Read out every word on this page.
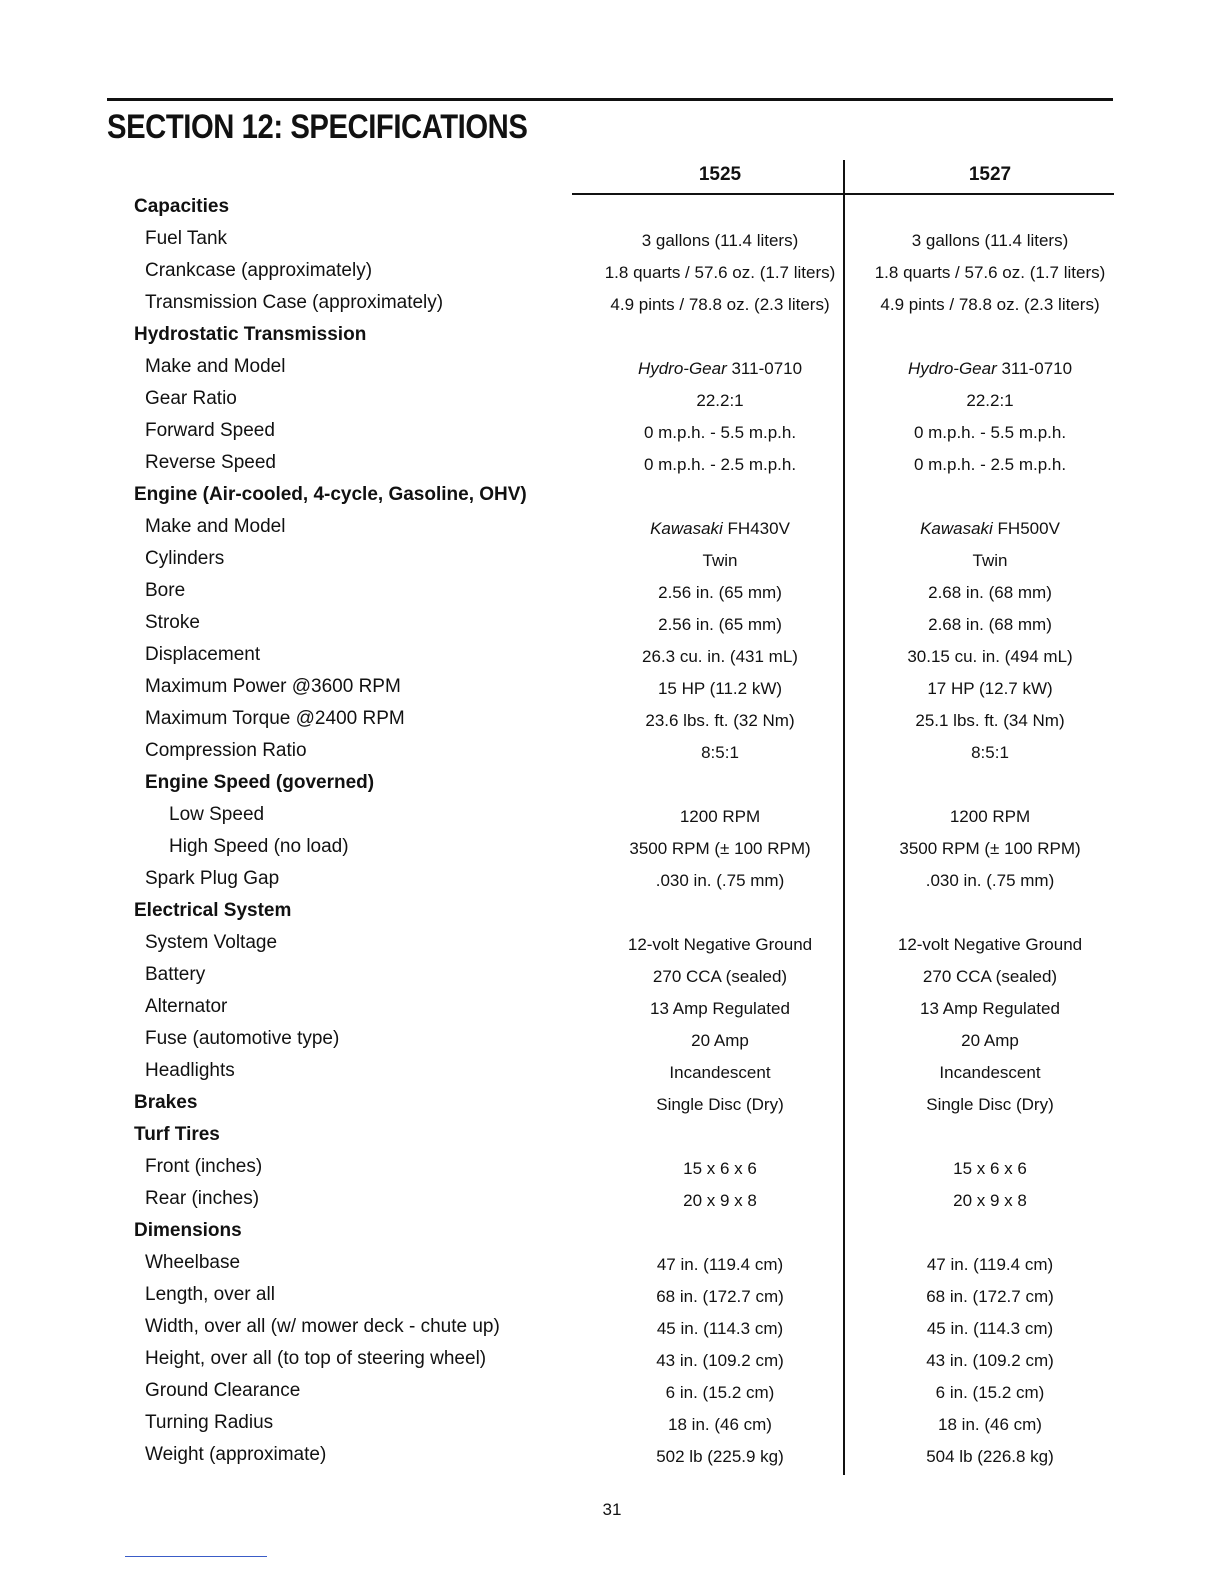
SECTION 12: SPECIFICATIONS
1525	1527
Capacities
Fuel Tank	3 gallons (11.4 liters)	3 gallons (11.4 liters)
Crankcase (approximately)	1.8 quarts / 57.6 oz. (1.7 liters)	1.8 quarts / 57.6 oz. (1.7 liters)
Transmission Case (approximately)	4.9 pints / 78.8 oz. (2.3 liters)	4.9 pints / 78.8 oz. (2.3 liters)
Hydrostatic Transmission
Make and Model	Hydro-Gear 311-0710	Hydro-Gear 311-0710
Gear Ratio	22.2:1	22.2:1
Forward Speed	0 m.p.h. - 5.5 m.p.h.	0 m.p.h. - 5.5 m.p.h.
Reverse Speed	0 m.p.h. - 2.5 m.p.h.	0 m.p.h. - 2.5 m.p.h.
Engine (Air-cooled, 4-cycle, Gasoline, OHV)
Make and Model	Kawasaki FH430V	Kawasaki FH500V
Cylinders	Twin	Twin
Bore	2.56 in. (65 mm)	2.68 in. (68 mm)
Stroke	2.56 in. (65 mm)	2.68 in. (68 mm)
Displacement	26.3 cu. in. (431 mL)	30.15 cu. in. (494 mL)
Maximum Power @3600 RPM	15 HP (11.2 kW)	17 HP (12.7 kW)
Maximum Torque @2400 RPM	23.6 lbs. ft. (32 Nm)	25.1 lbs. ft. (34 Nm)
Compression Ratio	8:5:1	8:5:1
Engine Speed (governed)
Low Speed	1200 RPM	1200 RPM
High Speed (no load)	3500 RPM (± 100 RPM)	3500 RPM (± 100 RPM)
Spark Plug Gap	.030 in. (.75 mm)	.030 in. (.75 mm)
Electrical System
System Voltage	12-volt Negative Ground	12-volt Negative Ground
Battery	270 CCA (sealed)	270 CCA (sealed)
Alternator	13 Amp Regulated	13 Amp Regulated
Fuse (automotive type)	20 Amp	20 Amp
Headlights	Incandescent	Incandescent
Brakes	Single Disc (Dry)	Single Disc (Dry)
Turf Tires
Front (inches)	15 x 6 x 6	15 x 6 x 6
Rear (inches)	20 x 9 x 8	20 x 9 x 8
Dimensions
Wheelbase	47 in. (119.4 cm)	47 in. (119.4 cm)
Length, over all	68 in. (172.7 cm)	68 in. (172.7 cm)
Width, over all (w/ mower deck - chute up)	45 in. (114.3 cm)	45 in. (114.3 cm)
Height, over all (to top of steering wheel)	43 in. (109.2 cm)	43 in. (109.2 cm)
Ground Clearance	6 in. (15.2 cm)	6 in. (15.2 cm)
Turning Radius	18 in. (46 cm)	18 in. (46 cm)
Weight (approximate)	502 lb (225.9 kg)	504 lb (226.8 kg)
31
